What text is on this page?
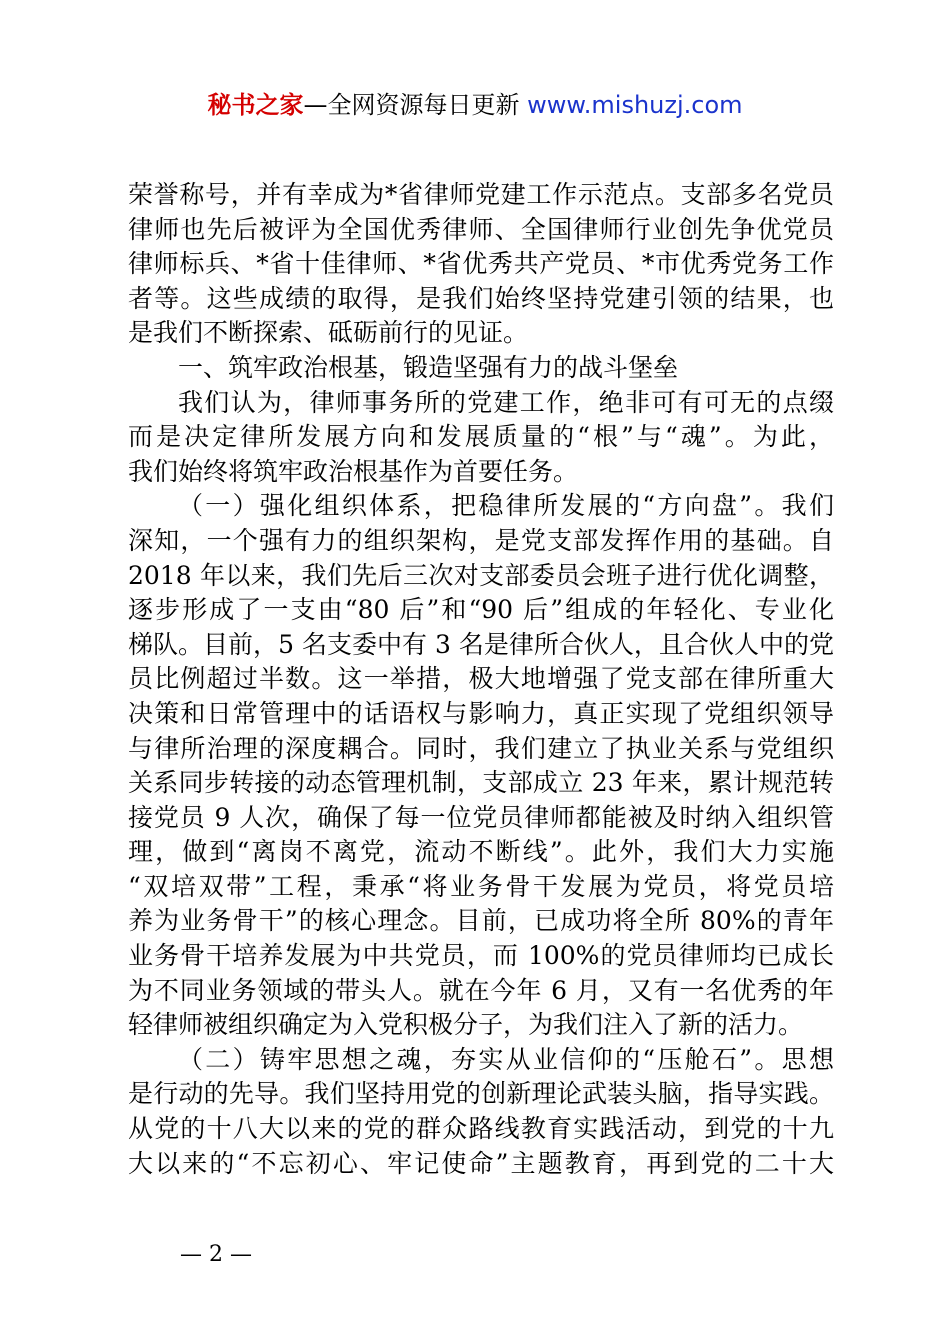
秘书之家—全网资源每日更新 www.mishuzj.com
荣誉称号，并有幸成为*省律师党建工作示范点。支部多名党员
律师也先后被评为全国优秀律师、全国律师行业创先争优党员
律师标兵、*省十佳律师、*省优秀共产党员、*市优秀党务工作
者等。这些成绩的取得，是我们始终坚持党建引领的结果，也
是我们不断探索、砥砺前行的见证。
一、筑牢政治根基，锻造坚强有力的战斗堡垒
我们认为，律师事务所的党建工作，绝非可有可无的点缀
而是决定律所发展方向和发展质量的“根”与“魂”。为此，
我们始终将筑牢政治根基作为首要任务。
（一）强化组织体系，把稳律所发展的“方向盘”。我们
深知，一个强有力的组织架构，是党支部发挥作用的基础。自
2018 年以来，我们先后三次对支部委员会班子进行优化调整，
逐步形成了一支由“80 后”和“90 后”组成的年轻化、专业化
梯队。目前，5 名支委中有 3 名是律所合伙人，且合伙人中的党
员比例超过半数。这一举措，极大地增强了党支部在律所重大
决策和日常管理中的话语权与影响力，真正实现了党组织领导
与律所治理的深度耦合。同时，我们建立了执业关系与党组织
关系同步转接的动态管理机制，支部成立 23 年来，累计规范转
接党员 9 人次，确保了每一位党员律师都能被及时纳入组织管
理，做到“离岗不离党，流动不断线”。此外，我们大力实施
“双培双带”工程，秉承“将业务骨干发展为党员，将党员培
养为业务骨干”的核心理念。目前，已成功将全所 80%的青年
业务骨干培养发展为中共党员，而 100%的党员律师均已成长
为不同业务领域的带头人。就在今年 6 月，又有一名优秀的年
轻律师被组织确定为入党积极分子，为我们注入了新的活力。
（二）铸牢思想之魂，夯实从业信仰的“压舱石”。思想
是行动的先导。我们坚持用党的创新理论武装头脑，指导实践。
从党的十八大以来的党的群众路线教育实践活动，到党的十九
大以来的“不忘初心、牢记使命”主题教育，再到党的二十大
— 2 —
